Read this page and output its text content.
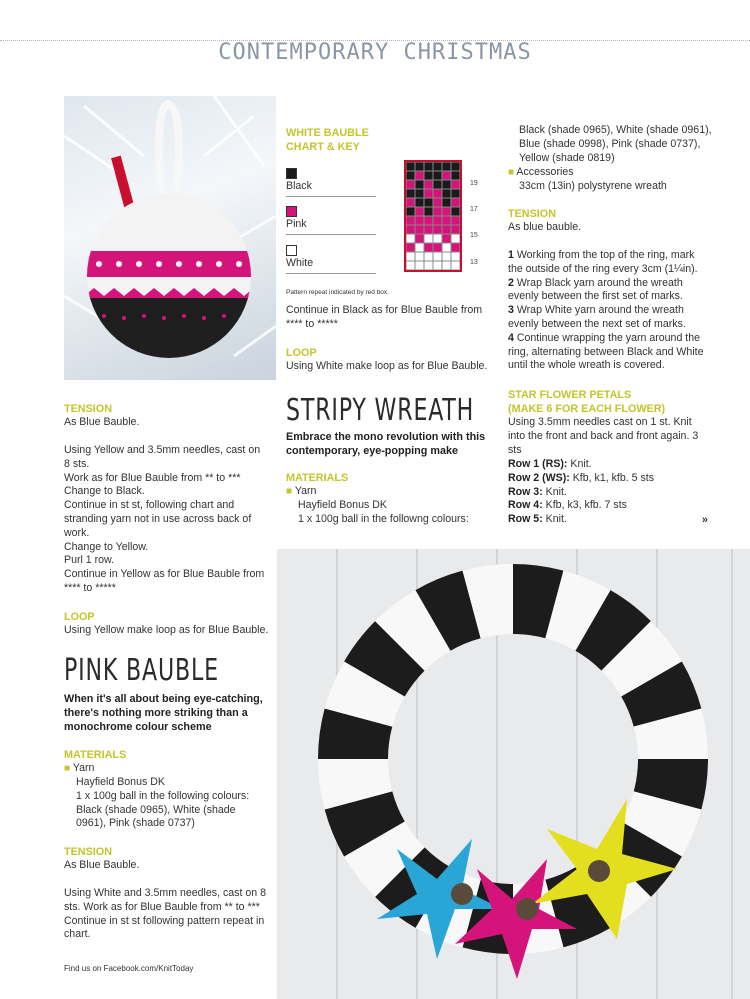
CONTEMPORARY CHRISTMAS
WHITE BAUBLE
CHART & KEY
Black
Pink
White
19
17
15
13
Pattern repeat indicated by red box.
Continue in Black as for Blue Bauble from **** to *****
LOOP
Using White make loop as for Blue Bauble.
TENSION
As Blue Bauble.
Using Yellow and 3.5mm needles, cast on 8 sts.
Work as for Blue Bauble from ** to ***
Change to Black.
Continue in st st, following chart and stranding yarn not in use across back of work.
Change to Yellow.
Purl 1 row.
Continue in Yellow as for Blue Bauble from **** to *****
LOOP
Using Yellow make loop as for Blue Bauble.
PINK BAUBLE
When it's all about being eye-catching, there's nothing more striking than a monochrome colour scheme
MATERIALS
■ Yarn
Hayfield Bonus DK
1 x 100g ball in the following colours: Black (shade 0965), White (shade 0961), Pink (shade 0737)
TENSION
As Blue Bauble.
Using White and 3.5mm needles, cast on 8 sts. Work as for Blue Bauble from ** to *** Continue in st st following pattern repeat in chart.
Find us on Facebook.com/KnitToday
STRIPY WREATH
Embrace the mono revolution with this contemporary, eye-popping make
MATERIALS
■ Yarn
Hayfield Bonus DK
1 x 100g ball in the followng colours:
Black (shade 0965), White (shade 0961), Blue (shade 0998), Pink (shade 0737), Yellow (shade 0819)
■ Accessories
33cm (13in) polystyrene wreath
TENSION
As blue bauble.
1 Working from the top of the ring, mark the outside of the ring every 3cm (1¼in).
2 Wrap Black yarn around the wreath evenly between the first set of marks.
3 Wrap White yarn around the wreath evenly between the next set of marks.
4 Continue wrapping the yarn around the ring, alternating between Black and White until the whole wreath is covered.
STAR FLOWER PETALS
(MAKE 6 FOR EACH FLOWER)
Using 3.5mm needles cast on 1 st. Knit into the front and back and front again. 3 sts
Row 1 (RS): Knit.
Row 2 (WS): Kfb, k1, kfb. 5 sts
Row 3: Knit.
Row 4: Kfb, k3, kfb. 7 sts
Row 5: Knit.	»
